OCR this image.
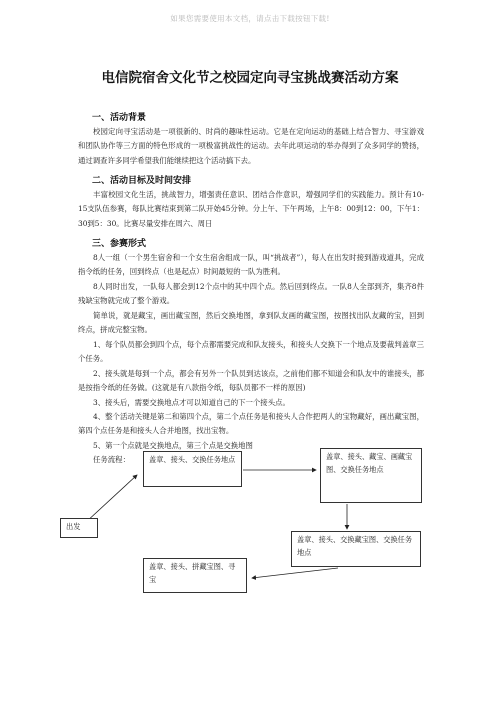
如果您需要使用本文档，请点击下载按钮下载!
电信院宿舍文化节之校园定向寻宝挑战赛活动方案
一、活动背景
校园定向寻宝活动是一项很新的、时尚的趣味性运动。它是在定向运动的基础上结合智力、寻宝游戏和团队协作等三方面的特色形成的一项极富挑战性的运动。去年此项运动的举办得到了众多同学的赞扬，通过调查许多同学希望我们能继续把这个活动搞下去。
二、活动目标及时间安排
丰富校园文化生活，挑战智力，增强责任意识、团结合作意识，增强同学们的实践能力。预计有10-15支队伍参赛，每队比赛结束到第二队开始45分钟。分上午、下午两场，上午8：00到12：00，下午1：30到5：30。比赛尽量安排在周六、周日
三、参赛形式
8人一组（一个男生宿舍和一个女生宿舍组成一队，叫“挑战者”），每人在出发时接到游戏道具，完成指令纸的任务，回到终点（也是起点）时间最短的一队为胜利。
8人同时出发，一队每人都会到12个点中的其中四个点。然后回到终点。一队8人全部到齐，集齐8件残缺宝物就完成了整个游戏。
简单说，就是藏宝，画出藏宝图，然后交换地图，拿到队友画的藏宝图，按图找出队友藏的宝，回到终点，拼成完整宝物。
1、每个队员都会到四个点，每个点都需要完成和队友接头，和接头人交换下一个地点及要裁判盖章三个任务。
2、接头就是每到一个点，都会有另外一个队员到达该点，之前他们都不知道会和队友中的谁接头，都是按指令纸的任务做。(这就是有八款指令纸，每队员都不一样的原因)
3、接头后，需要交换地点才可以知道自己的下一个接头点。
4、整个活动关键是第二和第四个点，第二个点任务是和接头人合作把两人的宝物藏好，画出藏宝图，第四个点任务是和接头人合并地图，找出宝物。
5、第一个点就是交换地点，第三个点是交换地图
任务流程：	盖章、接头、交换任务地点	盖章、接头、藏宝、画藏宝图、交换任务地点
出发
盖章、接头、交换藏宝图、交换任务地点
盖章、接头、拼藏宝图、寻宝
